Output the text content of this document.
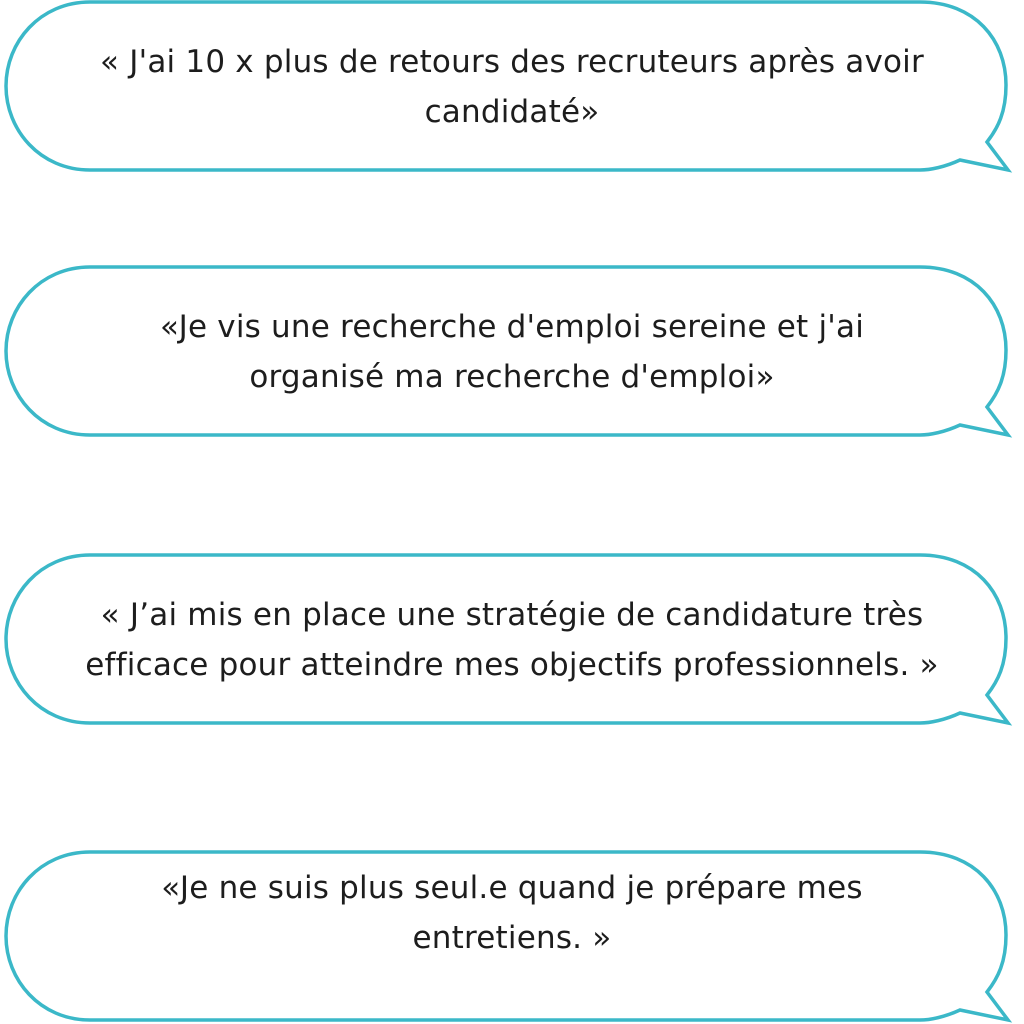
« J'ai 10 x plus de retours des recruteurs après avoir
candidaté»
«Je vis une recherche d'emploi sereine et j'ai
organisé ma recherche d'emploi»
« J’ai mis en place une stratégie de candidature très
efficace pour atteindre mes objectifs professionnels. »
«Je ne suis plus seul.e quand je prépare mes
entretiens. »
